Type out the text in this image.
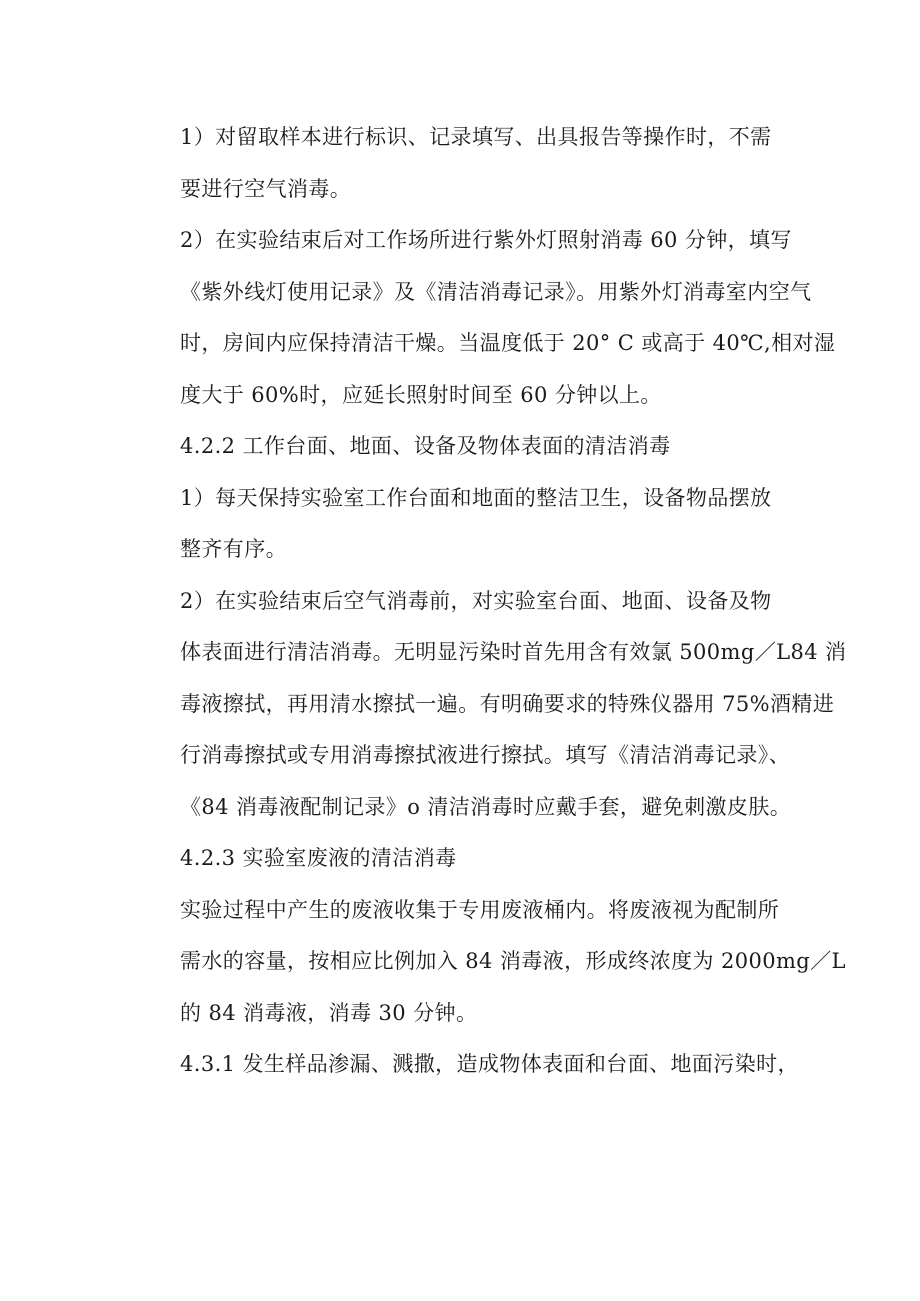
1）对留取样本进行标识、记录填写、出具报告等操作时，不需
要进行空气消毒。

2）在实验结束后对工作场所进行紫外灯照射消毒 60 分钟，填写
《紫外线灯使用记录》及《清洁消毒记录》。用紫外灯消毒室内空气
时，房间内应保持清洁干燥。当温度低于 20° C 或高于 40℃,相对湿
度大于 60%时，应延长照射时间至 60 分钟以上。

4.2.2 工作台面、地面、设备及物体表面的清洁消毒

1）每天保持实验室工作台面和地面的整洁卫生，设备物品摆放
整齐有序。

2）在实验结束后空气消毒前，对实验室台面、地面、设备及物
体表面进行清洁消毒。无明显污染时首先用含有效氯 500mg／L84 消
毒液擦拭，再用清水擦拭一遍。有明确要求的特殊仪器用 75%酒精进
行消毒擦拭或专用消毒擦拭液进行擦拭。填写《清洁消毒记录》、
《84 消毒液配制记录》o 清洁消毒时应戴手套，避免刺激皮肤。

4.2.3 实验室废液的清洁消毒

实验过程中产生的废液收集于专用废液桶内。将废液视为配制所
需水的容量，按相应比例加入 84 消毒液，形成终浓度为 2000mg／L
的 84 消毒液，消毒 30 分钟。

4.3.1 发生样品渗漏、溅撒，造成物体表面和台面、地面污染时，
